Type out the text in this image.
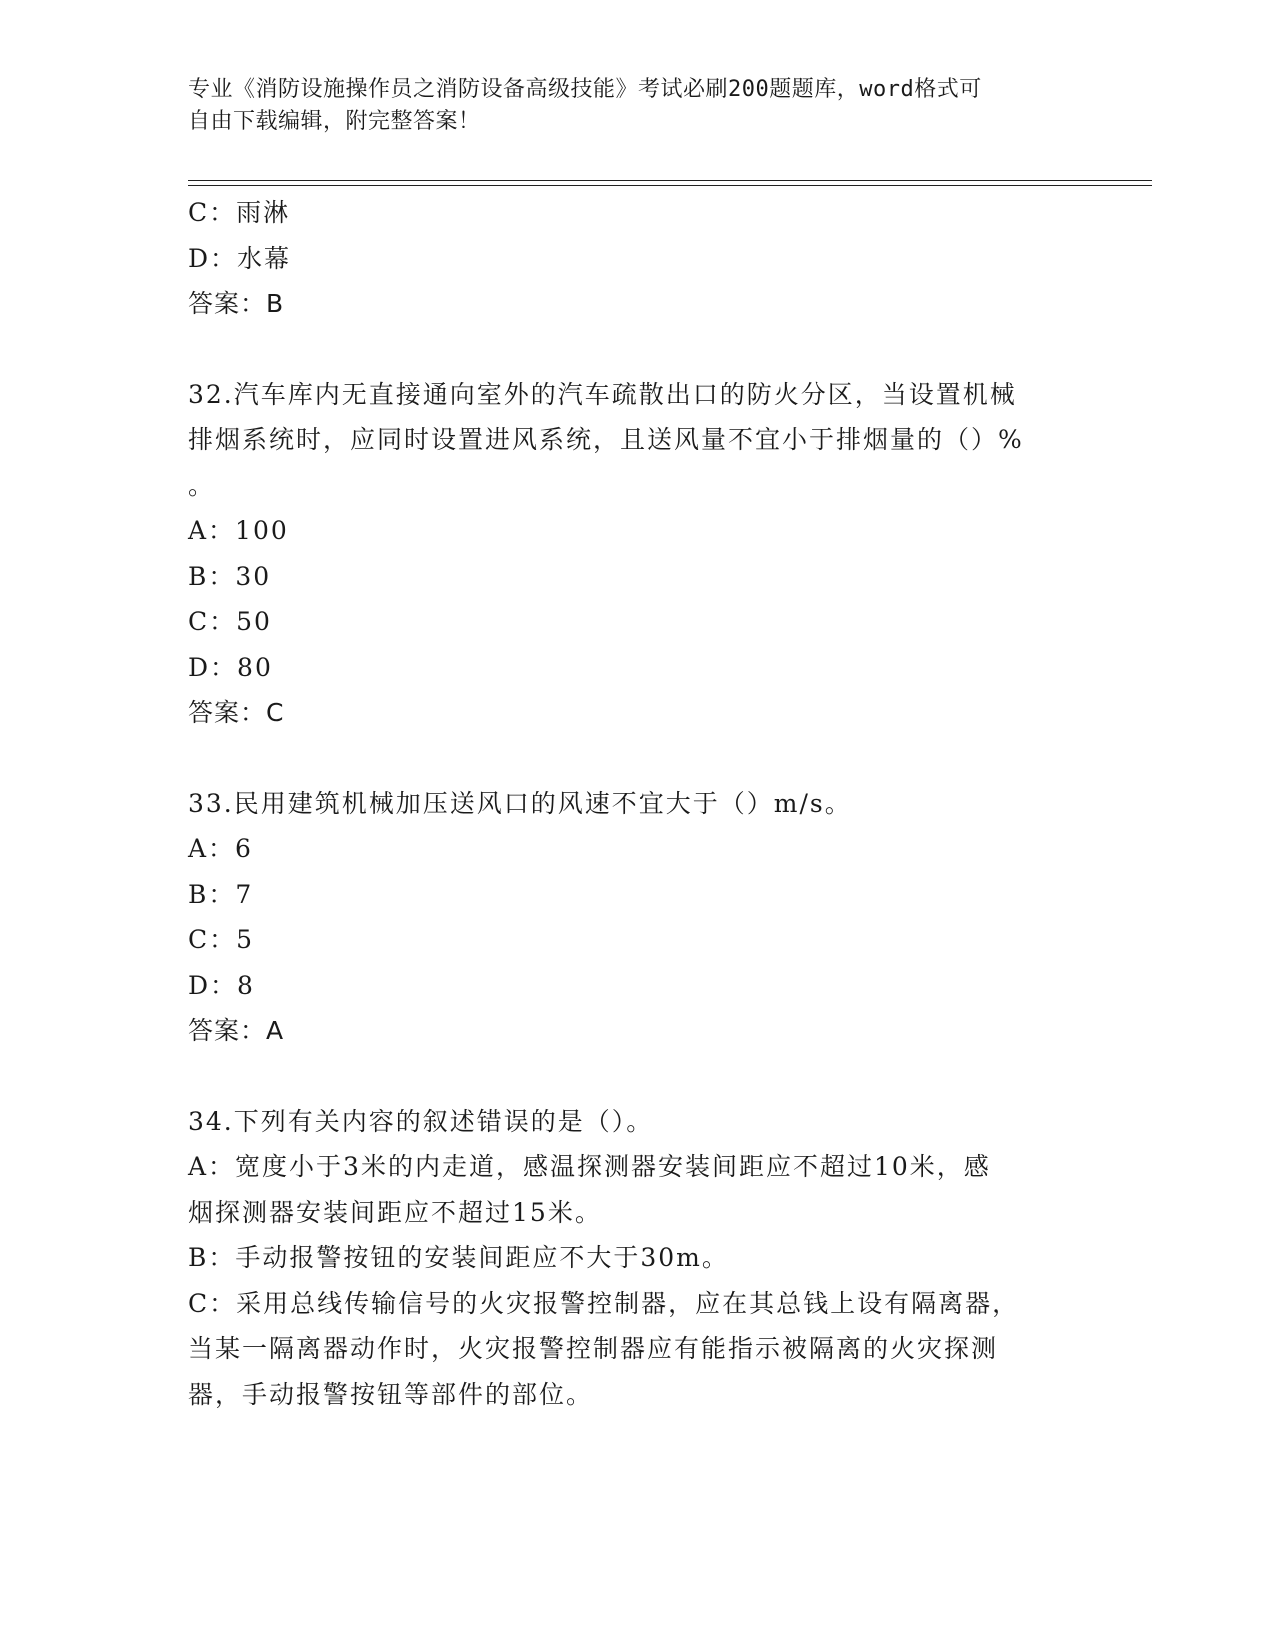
专业《消防设施操作员之消防设备高级技能》考试必刷200题题库，word格式可
自由下载编辑，附完整答案！
C：雨淋
D：水幕
答案：B
32.汽车库内无直接通向室外的汽车疏散出口的防火分区，当设置机械
排烟系统时，应同时设置进风系统，且送风量不宜小于排烟量的（）%
。
A：100
B：30
C：50
D：80
答案：C
33.民用建筑机械加压送风口的风速不宜大于（）m/s。
A：6
B：7
C：5
D：8
答案：A
34.下列有关内容的叙述错误的是（）。
A：宽度小于3米的内走道，感温探测器安装间距应不超过10米，感
烟探测器安装间距应不超过15米。
B：手动报警按钮的安装间距应不大于30m。
C：采用总线传输信号的火灾报警控制器，应在其总钱上设有隔离器，
当某一隔离器动作时，火灾报警控制器应有能指示被隔离的火灾探测
器，手动报警按钮等部件的部位。
